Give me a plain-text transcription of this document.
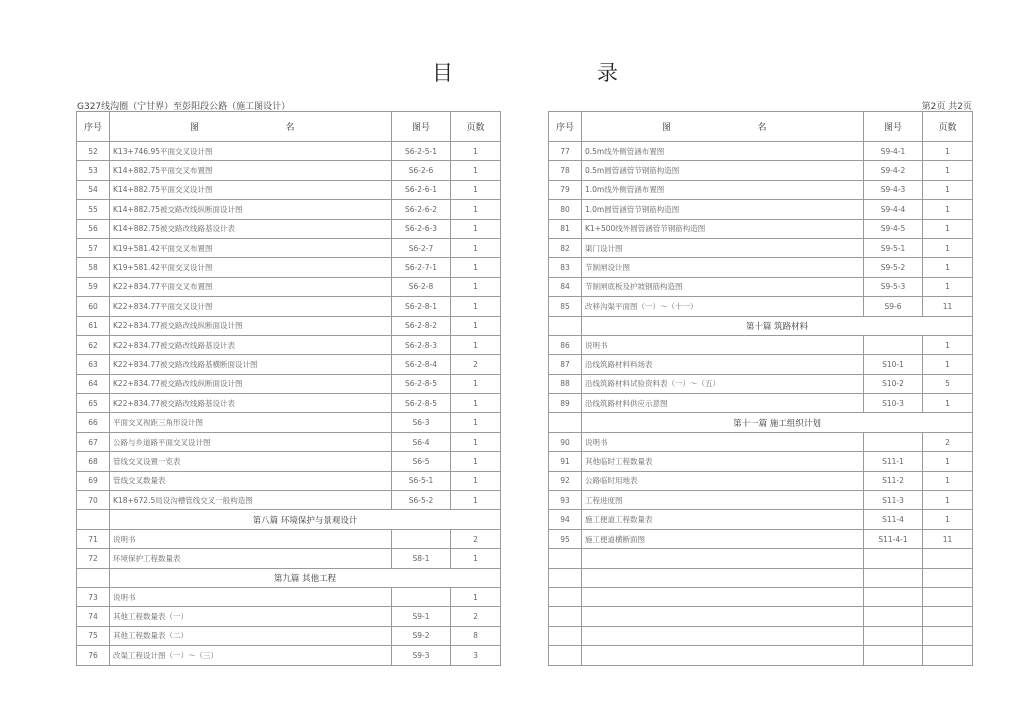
目	录
G327线沟圈（宁甘界）至彭阳段公路（施工图设计）	第2页 共2页
序号	图 名	图号	页数
52	K13+746.95平面交叉设计图	S6-2-5-1	1
53	K14+882.75平面交叉布置图	S6-2-6	1
54	K14+882.75平面交叉设计图	S6-2-6-1	1
55	K14+882.75被交路改线纵断面设计图	S6-2-6-2	1
56	K14+882.75被交路改线路基设计表	S6-2-6-3	1
57	K19+581.42平面交叉布置图	S6-2-7	1
58	K19+581.42平面交叉设计图	S6-2-7-1	1
59	K22+834.77平面交叉布置图	S6-2-8	1
60	K22+834.77平面交叉设计图	S6-2-8-1	1
61	K22+834.77被交路改线纵断面设计图	S6-2-8-2	1
62	K22+834.77被交路改线路基设计表	S6-2-8-3	1
63	K22+834.77被交路改线路基横断面设计图	S6-2-8-4	2
64	K22+834.77被交路改线纵断面设计图	S6-2-8-5	1
65	K22+834.77被交路改线路基设计表	S6-2-8-5	1
66	平面交叉视距三角形设计图	S6-3	1
67	公路与乡道路平面交叉设计图	S6-4	1
68	管线交叉设置一览表	S6-5	1
69	管线交叉数量表	S6-5-1	1
70	K18+672.5局设沟槽管线交叉一般构造图	S6-5-2	1
	第八篇 环境保护与景观设计		
71	说明书		2
72	环境保护工程数量表	S8-1	1
	第九篇 其他工程		
73	说明书		1
74	其他工程数量表（一）	S9-1	2
75	其他工程数量表（二）	S9-2	8
76	改渠工程设计图（一）～（三）	S9-3	3
序号	图 名	图号	页数
77	0.5m线外侧管涵布置图	S9-4-1	1
78	0.5m圆管涵管节钢筋构造图	S9-4-2	1
79	1.0m线外侧管涵布置图	S9-4-3	1
80	1.0m圆管涵管节钢筋构造图	S9-4-4	1
81	K1+500线外圆管涵管节钢筋构造图	S9-4-5	1
82	渠门设计图	S9-5-1	1
83	节制闸设计图	S9-5-2	1
84	节制闸底板及护坡钢筋构造图	S9-5-3	1
85	改移沟渠平面图（一）～（十一）	S9-6	11
	第十篇 筑路材料		
86	说明书		1
87	沿线筑路材料料场表	S10-1	1
88	沿线筑路材料试验资料表（一）～（五）	S10-2	5
89	沿线筑路材料供应示意图	S10-3	1
	第十一篇 施工组织计划		
90	说明书		2
91	其他临时工程数量表	S11-1	1
92	公路临时用地表	S11-2	1
93	工程进度图	S11-3	1
94	施工便道工程数量表	S11-4	1
95	施工便道横断面图	S11-4-1	11
